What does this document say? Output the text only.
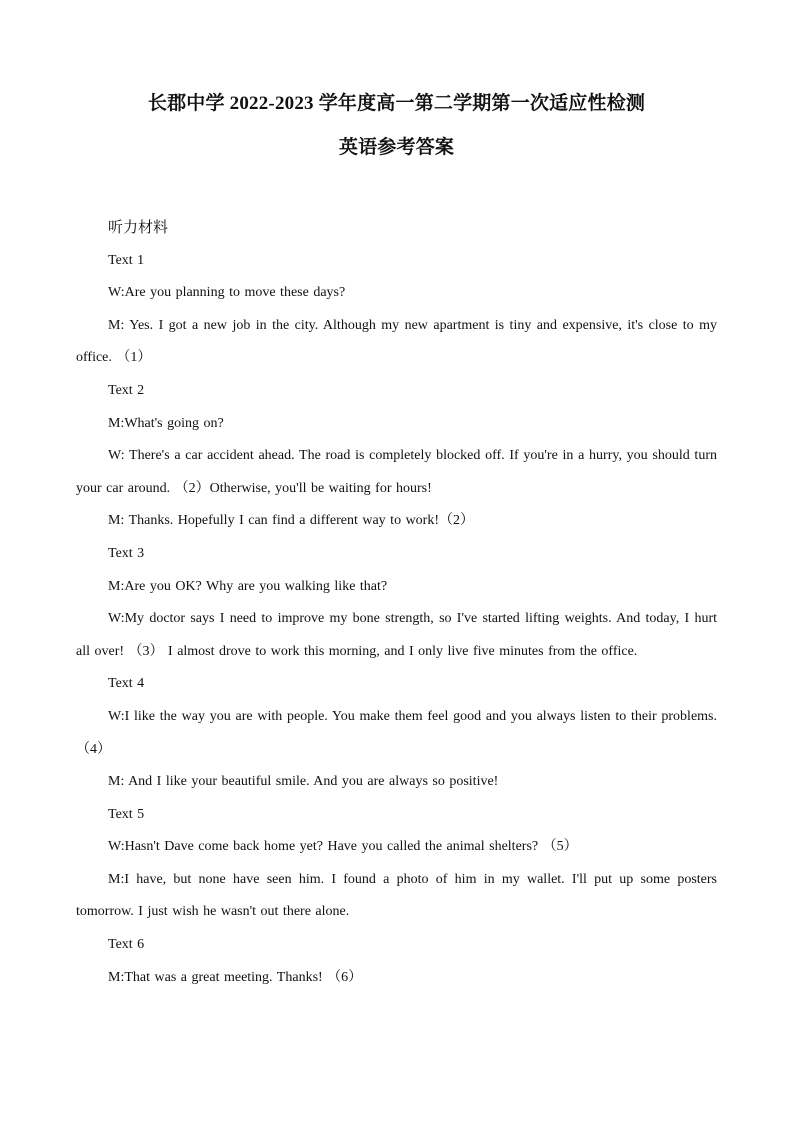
长郡中学 2022-2023 学年度高一第二学期第一次适应性检测
英语参考答案

听力材料

Text 1

W:Are you planning to move these days?

M: Yes. I got a new job in the city. Although my new apartment is tiny and expensive, it's close to my office. （1）

Text 2

M:What's going on?

W: There's a car accident ahead. The road is completely blocked off. If you're in a hurry, you should turn your car around. （2）Otherwise, you'll be waiting for hours!

M: Thanks. Hopefully I can find a different way to work!（2）

Text 3

M:Are you OK? Why are you walking like that?

W:My doctor says I need to improve my bone strength, so I've started lifting weights. And today, I hurt all over! （3） I almost drove to work this morning, and I only live five minutes from the office.

Text 4

W:I like the way you are with people. You make them feel good and you always listen to their problems. （4）

M: And I like your beautiful smile. And you are always so positive!

Text 5

W:Hasn't Dave come back home yet? Have you called the animal shelters? （5）

M:I have, but none have seen him. I found a photo of him in my wallet. I'll put up some posters tomorrow. I just wish he wasn't out there alone.

Text 6

M:That was a great meeting. Thanks! （6）
